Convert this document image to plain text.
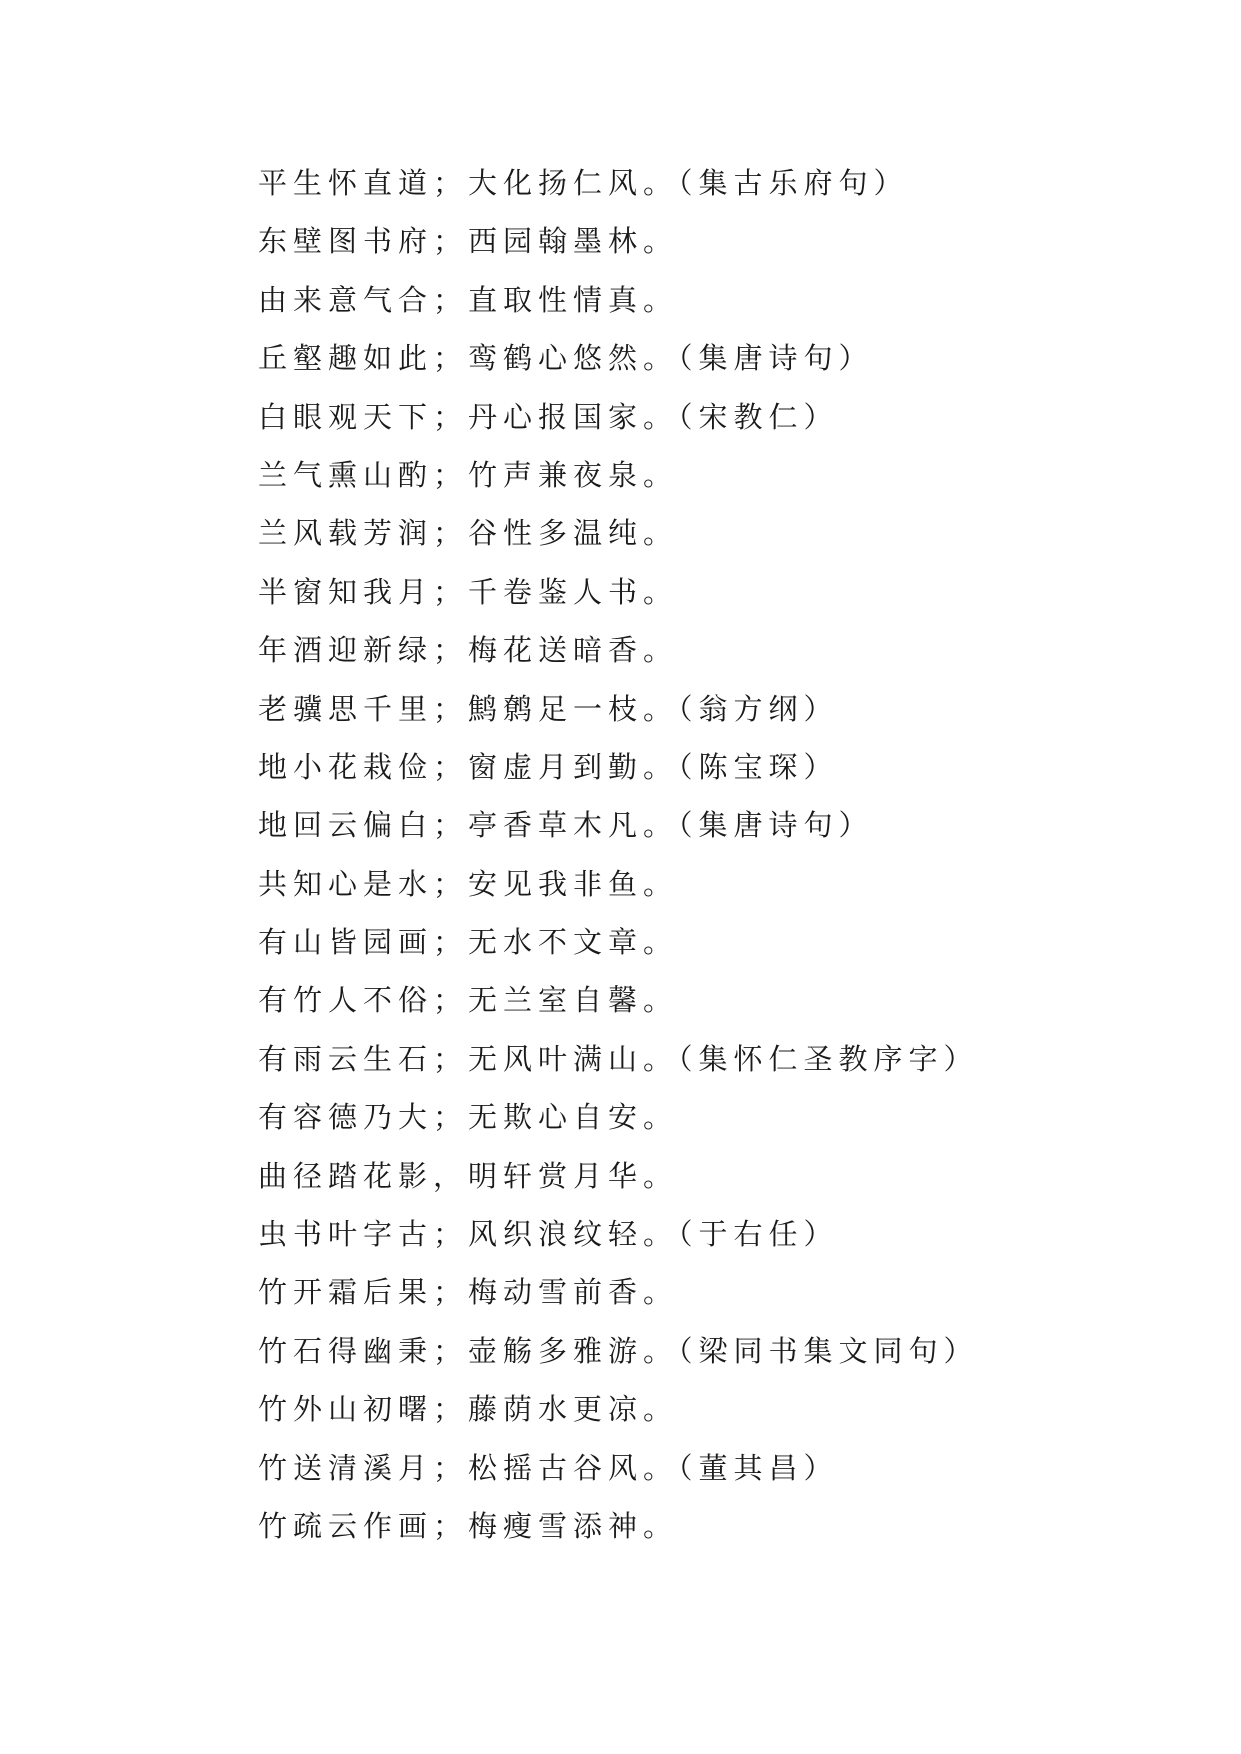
平生怀直道；大化扬仁风。（集古乐府句）
东壁图书府；西园翰墨林。
由来意气合；直取性情真。
丘壑趣如此；鸾鹤心悠然。（集唐诗句）
白眼观天下；丹心报国家。（宋教仁）
兰气熏山酌；竹声兼夜泉。
兰风载芳润；谷性多温纯。
半窗知我月；千卷鉴人书。
年酒迎新绿；梅花送暗香。
老骥思千里；鹪鹩足一枝。（翁方纲）
地小花栽俭；窗虚月到勤。（陈宝琛）
地回云偏白；亭香草木凡。（集唐诗句）
共知心是水；安见我非鱼。
有山皆园画；无水不文章。
有竹人不俗；无兰室自馨。
有雨云生石；无风叶满山。（集怀仁圣教序字）
有容德乃大；无欺心自安。
曲径踏花影，明轩赏月华。
虫书叶字古；风织浪纹轻。（于右任）
竹开霜后果；梅动雪前香。
竹石得幽秉；壶觞多雅游。（梁同书集文同句）
竹外山初曙；藤荫水更凉。
竹送清溪月；松摇古谷风。（董其昌）
竹疏云作画；梅瘦雪添神。
